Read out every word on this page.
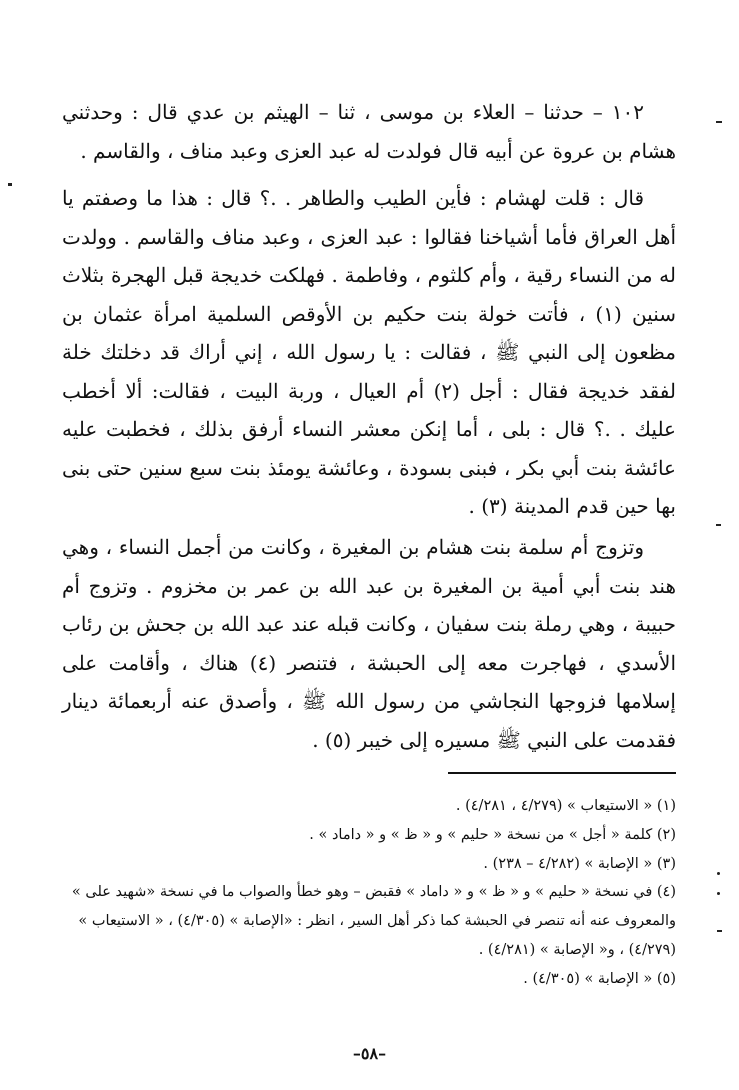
١٠٢ – حدثنا – العلاء بن موسى ، ثنا – الهيثم بن عدي قال : وحدثني هشام بن عروة عن أبيه قال فولدت له عبد العزى وعبد مناف ، والقاسم .

قال : قلت لهشام : فأين الطيب والطاهر . .؟ قال : هذا ما وصفتم يا أهل العراق فأما أشياخنا فقالوا : عبد العزى ، وعبد مناف والقاسم . وولدت له من النساء رقية ، وأم كلثوم ، وفاطمة . فهلكت خديجة قبل الهجرة بثلاث سنين (١) ، فأتت خولة بنت حكيم بن الأوقص السلمية امرأة عثمان بن مظعون إلى النبي ﷺ ، فقالت : يا رسول الله ، إني أراك قد دخلتك خلة لفقد خديجة فقال : أجل (٢) أم العيال ، وربة البيت ، فقالت: ألا أخطب عليك . .؟ قال : بلى ، أما إنكن معشر النساء أرفق بذلك ، فخطبت عليه عائشة بنت أبي بكر ، فبنى بسودة ، وعائشة يومئذ بنت سبع سنين حتى بنى بها حين قدم المدينة (٣) .

وتزوج أم سلمة بنت هشام بن المغيرة ، وكانت من أجمل النساء ، وهي هند بنت أبي أمية بن المغيرة بن عبد الله بن عمر بن مخزوم . وتزوج أم حبيبة ، وهي رملة بنت سفيان ، وكانت قبله عند عبد الله بن جحش بن رئاب الأسدي ، فهاجرت معه إلى الحبشة ، فتنصر (٤) هناك ، وأقامت على إسلامها فزوجها النجاشي من رسول الله ﷺ ، وأصدق عنه أربعمائة دينار فقدمت على النبي ﷺ مسيره إلى خيبر (٥) .

(١) « الاستيعاب » (٤/٢٧٩ ، ٤/٢٨١) .

(٢) كلمة « أجل » من نسخة « حليم » و « ظ » و « داماد » .

(٣) « الإصابة » (٤/٢٨٢ – ٢٣٨) .

(٤) في نسخة « حليم » و « ظ » و « داماد » فقبض – وهو خطأ والصواب ما في نسخة «شهيد على » والمعروف عنه أنه تنصر في الحبشة كما ذكر أهل السير ، انظر : «الإصابة » (٤/٣٠٥) ، « الاستيعاب » (٤/٢٧٩) ، و« الإصابة » (٤/٢٨١) .

(٥) « الإصابة » (٤/٣٠٥) .

–٥٨–
